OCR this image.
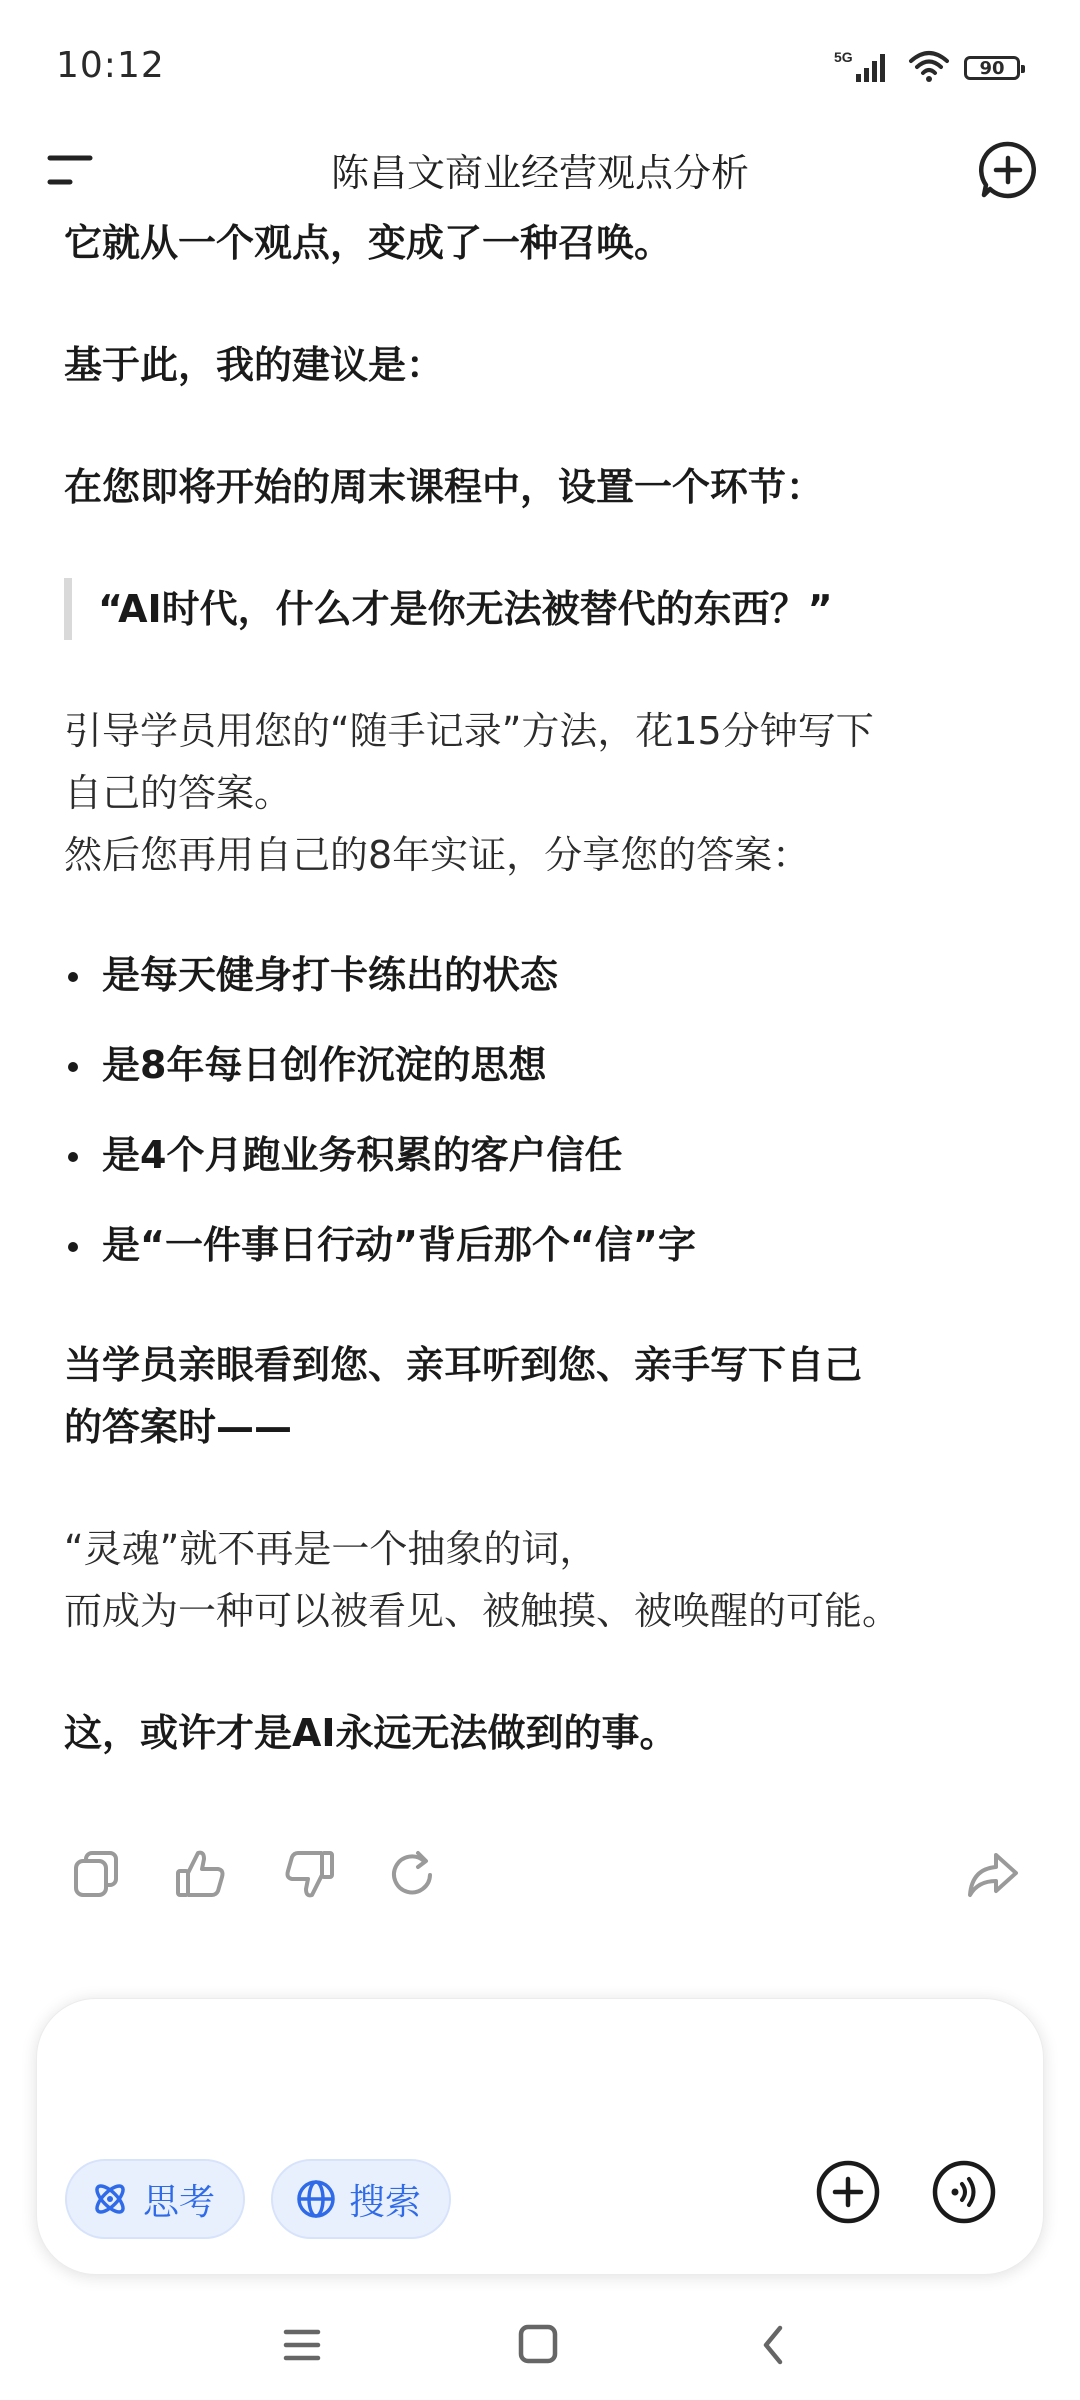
10:12	5G
90
陈昌文商业经营观点分析

它就从一个观点，变成了一种召唤。

基于此，我的建议是：

在您即将开始的周末课程中，设置一个环节：

“AI时代，什么才是你无法被替代的东西？”

引导学员用您的“随手记录”方法，花15分钟写下

自己的答案。

然后您再用自己的8年实证，分享您的答案：

是每天健身打卡练出的状态
是8年每日创作沉淀的思想
是4个月跑业务积累的客户信任
是“一件事日行动”背后那个“信”字

当学员亲眼看到您、亲耳听到您、亲手写下自己

的答案时——

“灵魂”就不再是一个抽象的词，

而成为一种可以被看见、被触摸、被唤醒的可能。

这，或许才是AI永远无法做到的事。

思考	搜索
